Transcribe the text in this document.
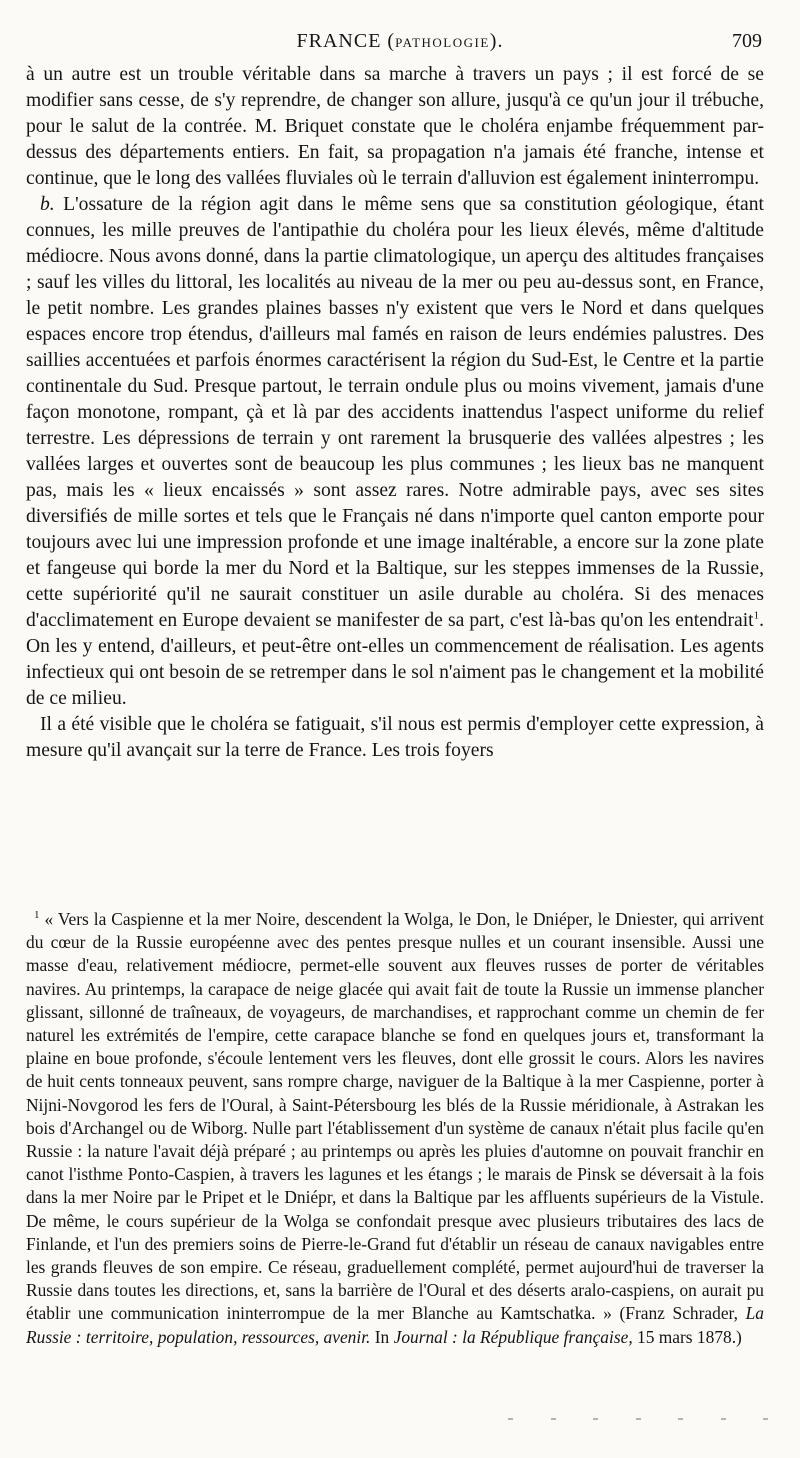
FRANCE (PATHOLOGIE).	709

à un autre est un trouble véritable dans sa marche à travers un pays ; il est forcé de se modifier sans cesse, de s'y reprendre, de changer son allure, jusqu'à ce qu'un jour il trébuche, pour le salut de la contrée. M. Briquet constate que le choléra enjambe fréquemment par-dessus des départements entiers. En fait, sa propagation n'a jamais été franche, intense et continue, que le long des vallées fluviales où le terrain d'alluvion est également ininterrompu.

b. L'ossature de la région agit dans le même sens que sa constitution géologique, étant connues, les mille preuves de l'antipathie du choléra pour les lieux élevés, même d'altitude médiocre. Nous avons donné, dans la partie climatologique, un aperçu des altitudes françaises ; sauf les villes du littoral, les localités au niveau de la mer ou peu au-dessus sont, en France, le petit nombre. Les grandes plaines basses n'y existent que vers le Nord et dans quelques espaces encore trop étendus, d'ailleurs mal famés en raison de leurs endémies palustres. Des saillies accentuées et parfois énormes caractérisent la région du Sud-Est, le Centre et la partie continentale du Sud. Presque partout, le terrain ondule plus ou moins vivement, jamais d'une façon monotone, rompant, çà et là par des accidents inattendus l'aspect uniforme du relief terrestre. Les dépressions de terrain y ont rarement la brusquerie des vallées alpestres ; les vallées larges et ouvertes sont de beaucoup les plus communes ; les lieux bas ne manquent pas, mais les « lieux encaissés » sont assez rares. Notre admirable pays, avec ses sites diversifiés de mille sortes et tels que le Français né dans n'importe quel canton emporte pour toujours avec lui une impression profonde et une image inaltérable, a encore sur la zone plate et fangeuse qui borde la mer du Nord et la Baltique, sur les steppes immenses de la Russie, cette supériorité qu'il ne saurait constituer un asile durable au choléra. Si des menaces d'acclimatement en Europe devaient se manifester de sa part, c'est là-bas qu'on les entendrait$^1$. On les y entend, d'ailleurs, et peut-être ont-elles un commencement de réalisation. Les agents infectieux qui ont besoin de se retremper dans le sol n'aiment pas le changement et la mobilité de ce milieu.

Il a été visible que le choléra se fatiguait, s'il nous est permis d'employer cette expression, à mesure qu'il avançait sur la terre de France. Les trois foyers

$^1$ « Vers la Caspienne et la mer Noire, descendent la Wolga, le Don, le Dniéper, le Dniester, qui arrivent du cœur de la Russie européenne avec des pentes presque nulles et un courant insensible. Aussi une masse d'eau, relativement médiocre, permet-elle souvent aux fleuves russes de porter de véritables navires. Au printemps, la carapace de neige glacée qui avait fait de toute la Russie un immense plancher glissant, sillonné de traîneaux, de voyageurs, de marchandises, et rapprochant comme un chemin de fer naturel les extrémités de l'empire, cette carapace blanche se fond en quelques jours et, transformant la plaine en boue profonde, s'écoule lentement vers les fleuves, dont elle grossit le cours. Alors les navires de huit cents tonneaux peuvent, sans rompre charge, naviguer de la Baltique à la mer Caspienne, porter à Nijni-Novgorod les fers de l'Oural, à Saint-Pétersbourg les blés de la Russie méridionale, à Astrakan les bois d'Archangel ou de Wiborg. Nulle part l'établissement d'un système de canaux n'était plus facile qu'en Russie : la nature l'avait déjà préparé ; au printemps ou après les pluies d'automne on pouvait franchir en canot l'isthme Ponto-Caspien, à travers les lagunes et les étangs ; le marais de Pinsk se déversait à la fois dans la mer Noire par le Pripet et le Dniépr, et dans la Baltique par les affluents supérieurs de la Vistule. De même, le cours supérieur de la Wolga se confondait presque avec plusieurs tributaires des lacs de Finlande, et l'un des premiers soins de Pierre-le-Grand fut d'établir un réseau de canaux navigables entre les grands fleuves de son empire. Ce réseau, graduellement complété, permet aujourd'hui de traverser la Russie dans toutes les directions, et, sans la barrière de l'Oural et des déserts aralo-caspiens, on aurait pu établir une communication ininterrompue de la mer Blanche au Kamtschatka. » (Franz Schrader, La Russie : territoire, population, ressources, avenir. In Journal : la République française, 15 mars 1878.)
